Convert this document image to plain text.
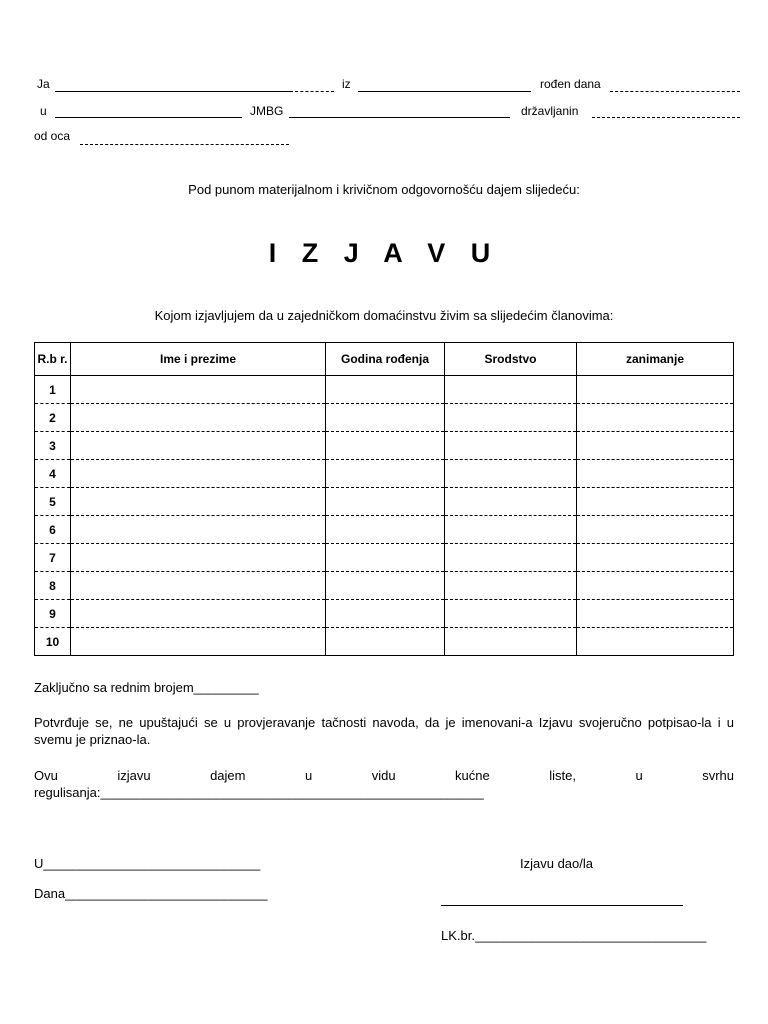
Ja	iz	rođen dana
u	JMBG	državljanin
od oca
Pod punom materijalnom i krivičnom odgovornošću dajem slijedeću:
I Z J A V U
Kojom izjavljujem da u zajedničkom domaćinstvu živim sa slijedećim članovima:
R.b r.	Ime i prezime	Godina rođenja	Srodstvo	zanimanje
1				
2				
3				
4				
5				
6				
7				
8				
9				
10				
Zaključno sa rednim brojem_________
Potvrđuje se, ne upuštajući se u provjeravanje tačnosti navoda, da je imenovani-a Izjavu svojeručno potpisao-la i u svemu je priznao-la.
Ovu izjavu dajem u vidu kućne liste, u svrhu regulisanja:_____________________________________________________
U______________________________	Izjavu dao/la
Dana____________________________
LK.br.________________________________
